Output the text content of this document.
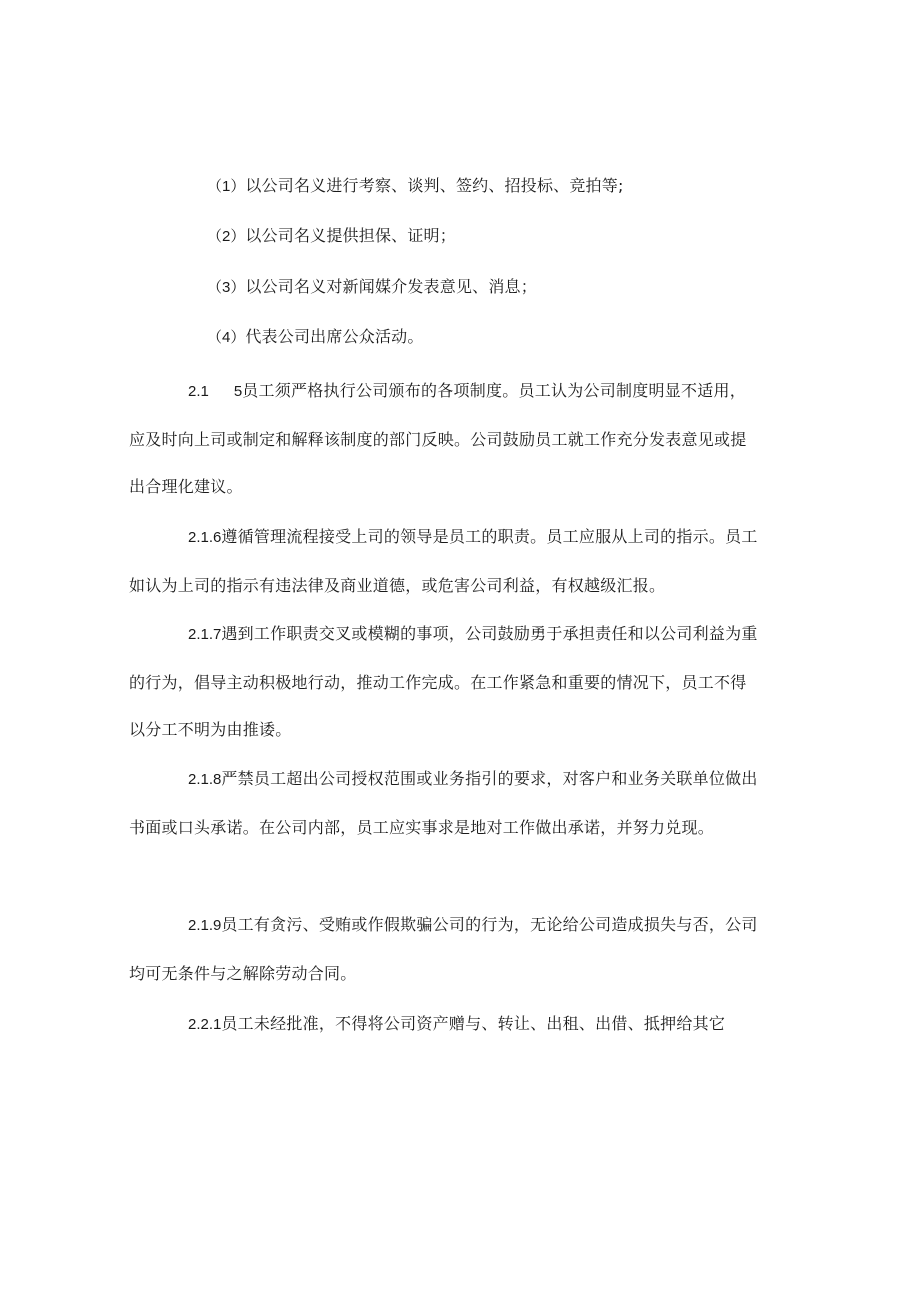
（1）以公司名义进行考察、谈判、签约、招投标、竞拍等;
（2）以公司名义提供担保、证明；
（3）以公司名义对新闻媒介发表意见、消息；
（4）代表公司出席公众活动。

2.1 5员工须严格执行公司颁布的各项制度。员工认为公司制度明显不适用，应及时向上司或制定和解释该制度的部门反映。公司鼓励员工就工作充分发表意见或提出合理化建议。

2.1.6遵循管理流程接受上司的领导是员工的职责。员工应服从上司的指示。员工如认为上司的指示有违法律及商业道德，或危害公司利益，有权越级汇报。

2.1.7遇到工作职责交叉或模糊的事项，公司鼓励勇于承担责任和以公司利益为重的行为，倡导主动积极地行动，推动工作完成。在工作紧急和重要的情况下，员工不得以分工不明为由推诿。

2.1.8严禁员工超出公司授权范围或业务指引的要求，对客户和业务关联单位做出书面或口头承诺。在公司内部，员工应实事求是地对工作做出承诺，并努力兑现。

2.1.9员工有贪污、受贿或作假欺骗公司的行为，无论给公司造成损失与否，公司均可无条件与之解除劳动合同。

2.2.1员工未经批准，不得将公司资产赠与、转让、出租、出借、抵押给其它
